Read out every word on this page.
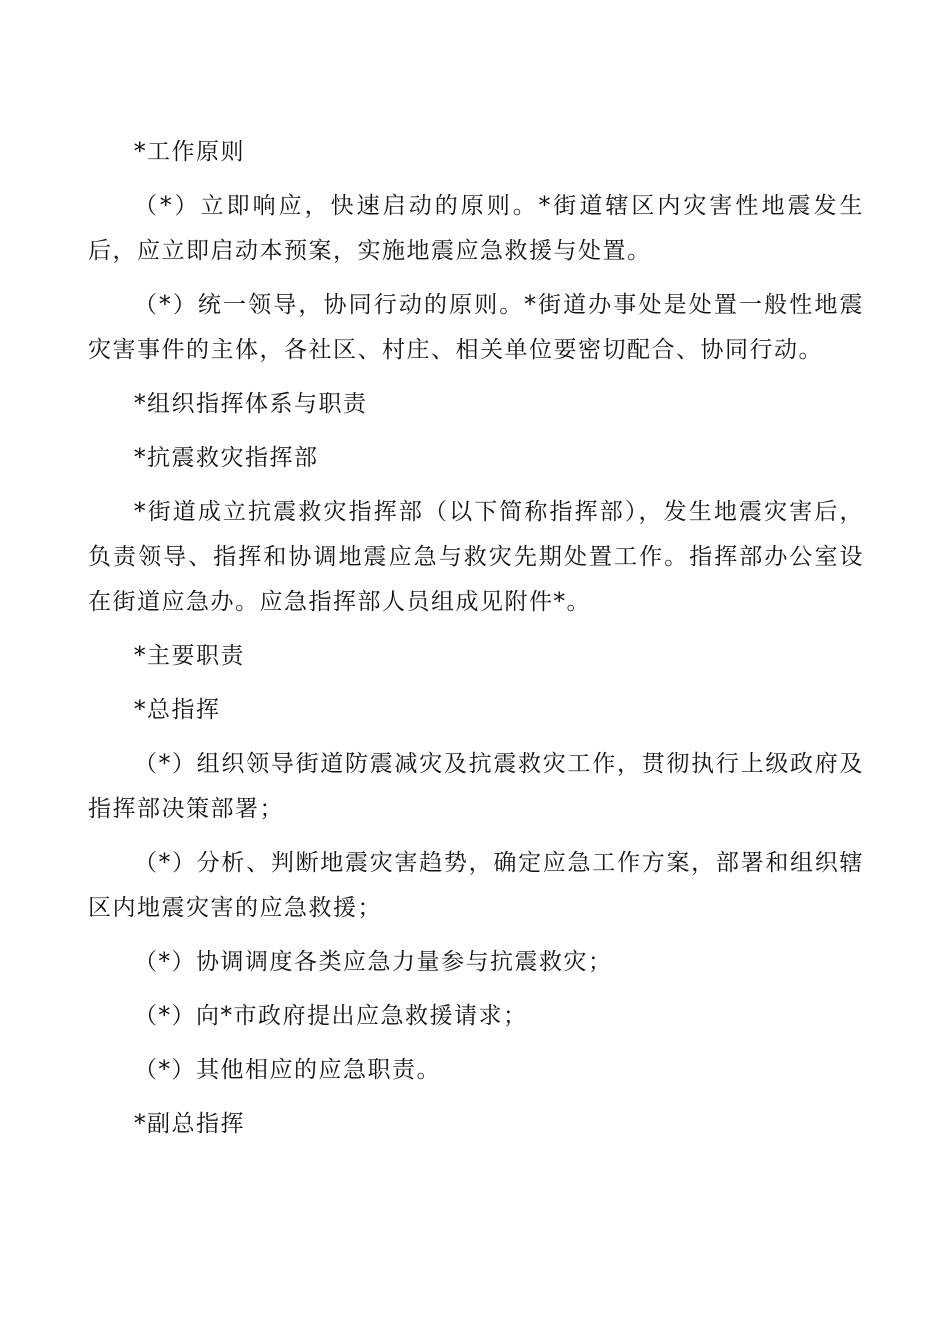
*工作原则

（*）立即响应，快速启动的原则。*街道辖区内灾害性地震发生后，应立即启动本预案，实施地震应急救援与处置。

（*）统一领导，协同行动的原则。*街道办事处是处置一般性地震灾害事件的主体，各社区、村庄、相关单位要密切配合、协同行动。

*组织指挥体系与职责

*抗震救灾指挥部

*街道成立抗震救灾指挥部（以下简称指挥部），发生地震灾害后，负责领导、指挥和协调地震应急与救灾先期处置工作。指挥部办公室设在街道应急办。应急指挥部人员组成见附件*。

*主要职责

*总指挥

（*）组织领导街道防震减灾及抗震救灾工作，贯彻执行上级政府及指挥部决策部署；

（*）分析、判断地震灾害趋势，确定应急工作方案，部署和组织辖区内地震灾害的应急救援；

（*）协调调度各类应急力量参与抗震救灾；

（*）向*市政府提出应急救援请求；

（*）其他相应的应急职责。

*副总指挥
